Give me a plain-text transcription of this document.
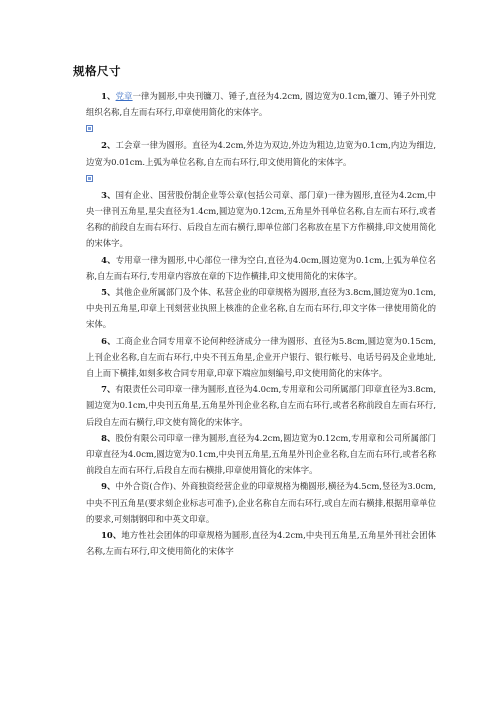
规格尺寸

1、党章一律为圆形,中央刊镰刀、锤子,直径为4.2cm, 圆边宽为0.1cm,镰刀、锤子外刊党组织名称,自左而右环行,印章使用简化的宋体字。

2、工会章一律为圆形。直径为4.2cm,外边为双边,外边为粗边,边宽为0.1cm,内边为细边,边宽为0.01cm.上弧为单位名称,自左而右环行,印文使用简化的宋体字。

3、国有企业、国营股份制企业等公章(包括公司章、部门章)一律为圆形,直径为4.2cm,中央一律刊五角星,星尖直径为1.4cm,圆边宽为0.12cm,五角星外刊单位名称,自左而右环行,或者名称的前段自左而右环行、后段自左而右横行,即单位部门名称放在星下方作横排,印文使用简化的宋体字。

4、专用章一律为圆形,中心部位一律为空白,直径为4.0cm,圆边宽为0.1cm,上弧为单位名称,自左而右环行,专用章内容放在章的下边作横排,印文使用简化的宋体字。

5、其他企业所属部门及个体、私营企业的印章规格为圆形,直径为3.8cm,圆边宽为0.1cm,中央刊五角星,印章上刊刻营业执照上核准的企业名称,自左而右环行,印文字体一律使用简化的宋体。

6、工商企业合同专用章不论何种经济成分一律为圆形、直径为5.8cm,圆边宽为0.15cm,上刊企业名称,自左而右环行,中央不刊五角星,企业开户银行、银行帐号、电话号码及企业地址,自上而下横排,如刻多枚合同专用章,印章下端应加刻编号,印文使用简化的宋体字。

7、有限责任公司印章一律为圆形,直径为4.0cm,专用章和公司所属部门印章直径为3.8cm,圆边宽为0.1cm,中央刊五角星,五角星外刊企业名称,自左而右环行,或者名称前段自左而右环行,后段自左而右横行,印文使有简化的宋体字。

8、股份有限公司印章一律为圆形,直径为4.2cm,圆边宽为0.12cm,专用章和公司所属部门印章直径为4.0cm,圆边宽为0.1cm,中央刊五角星,五角星外刊企业名称,自左而右环行,或者名称前段自左而右环行,后段自左而右横排,印章使用简化的宋体字。

9、中外合资(合作)、外商独资经营企业的印章规格为椭圆形,横径为4.5cm,竖径为3.0cm,中央不刊五角星(要求刻企业标志可准予),企业名称自左而右环行,或自左而右横排,根据用章单位的要求,可刻制钢印和中英文印章。

10、地方性社会团体的印章规格为圆形,直径为4.2cm,中央刊五角星,五角星外刊社会团体名称,左而右环行,印文使用简化的宋体字
